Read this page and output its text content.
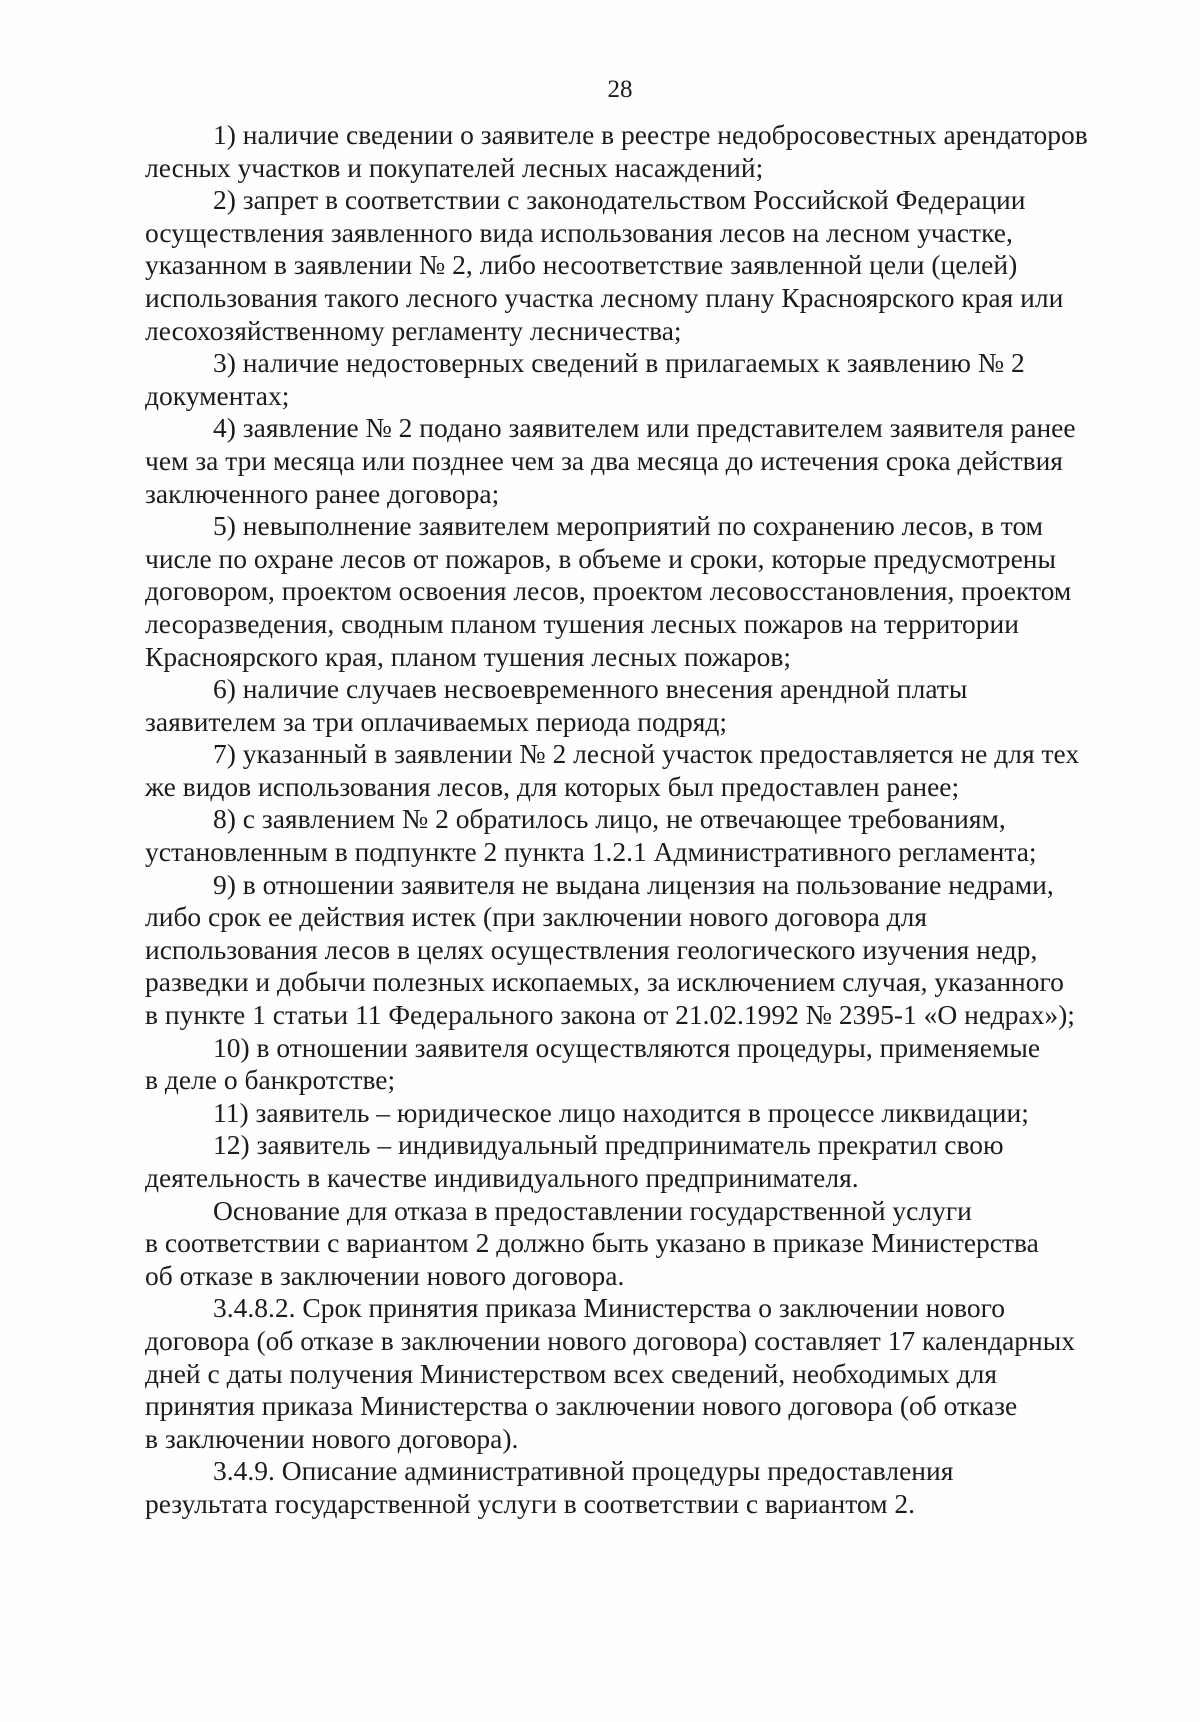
28

1) наличие сведении о заявителе в реестре недобросовестных арендаторов
лесных участков и покупателей лесных насаждений;

2) запрет в соответствии с законодательством Российской Федерации
осуществления заявленного вида использования лесов на лесном участке,
указанном в заявлении № 2, либо несоответствие заявленной цели (целей)
использования такого лесного участка лесному плану Красноярского края или
лесохозяйственному регламенту лесничества;

3) наличие недостоверных сведений в прилагаемых к заявлению № 2
документах;

4) заявление № 2 подано заявителем или представителем заявителя ранее
чем за три месяца или позднее чем за два месяца до истечения срока действия
заключенного ранее договора;

5) невыполнение заявителем мероприятий по сохранению лесов, в том
числе по охране лесов от пожаров, в объеме и сроки, которые предусмотрены
договором, проектом освоения лесов, проектом лесовосстановления, проектом
лесоразведения, сводным планом тушения лесных пожаров на территории
Красноярского края, планом тушения лесных пожаров;

6) наличие случаев несвоевременного внесения арендной платы
заявителем за три оплачиваемых периода подряд;

7) указанный в заявлении № 2 лесной участок предоставляется не для тех
же видов использования лесов, для которых был предоставлен ранее;

8) с заявлением № 2 обратилось лицо, не отвечающее требованиям,
установленным в подпункте 2 пункта 1.2.1 Административного регламента;

9) в отношении заявителя не выдана лицензия на пользование недрами,
либо срок ее действия истек (при заключении нового договора для
использования лесов в целях осуществления геологического изучения недр,
разведки и добычи полезных ископаемых, за исключением случая, указанного
в пункте 1 статьи 11 Федерального закона от 21.02.1992 № 2395-1 «О недрах»);

10) в отношении заявителя осуществляются процедуры, применяемые
в деле о банкротстве;

11) заявитель – юридическое лицо находится в процессе ликвидации;

12) заявитель – индивидуальный предприниматель прекратил свою
деятельность в качестве индивидуального предпринимателя.

Основание для отказа в предоставлении государственной услуги
в соответствии с вариантом 2 должно быть указано в приказе Министерства
об отказе в заключении нового договора.

3.4.8.2. Срок принятия приказа Министерства о заключении нового
договора (об отказе в заключении нового договора) составляет 17 календарных
дней с даты получения Министерством всех сведений, необходимых для
принятия приказа Министерства о заключении нового договора (об отказе
в заключении нового договора).

3.4.9. Описание административной процедуры предоставления
результата государственной услуги в соответствии с вариантом 2.
